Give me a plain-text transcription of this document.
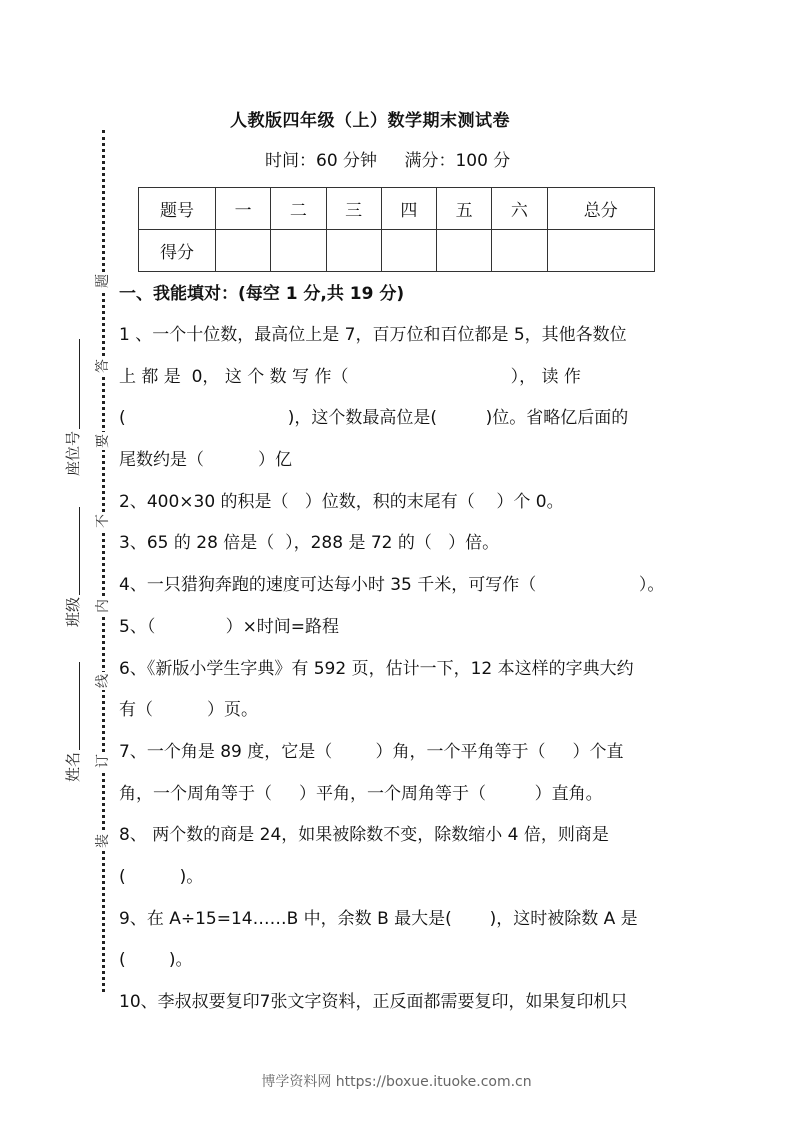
题
答
要
不
内
线
订
装
座位号
班级
姓名
人教版四年级（上）数学期末测试卷
时间：60 分钟 满分：100 分
题号	一	二	三	四	五	六	总分
得分							
一、我能填对：(每空 1 分,共 19 分)
1 、一个十位数，最高位上是 7，百万位和百位都是 5，其他各数位
上 都 是  0， 这 个 数 写 作（                              ）， 读 作
(                              )，这个数最高位是(         )位。省略亿后面的
尾数约是（          ）亿
2、400×30 的积是（   ）位数，积的末尾有（    ）个 0。
3、65 的 28 倍是（  ），288 是 72 的（   ）倍。
4、一只猎狗奔跑的速度可达每小时 35 千米，可写作（                   ）。
5、（             ）×时间=路程
6、《新版小学生字典》有 592 页，估计一下，12 本这样的字典大约
有（          ）页。
7、一个角是 89 度，它是（        ）角，一个平角等于（     ）个直
角，一个周角等于（     ）平角，一个周角等于（         ）直角。
8、 两个数的商是 24，如果被除数不变，除数缩小 4 倍，则商是
(          )。
9、在 A÷15=14……B 中，余数 B 最大是(       )，这时被除数 A 是
(        )。
10、李叔叔要复印7张文字资料，正反面都需要复印，如果复印机只
博学资料网 https://boxue.ituoke.com.cn
